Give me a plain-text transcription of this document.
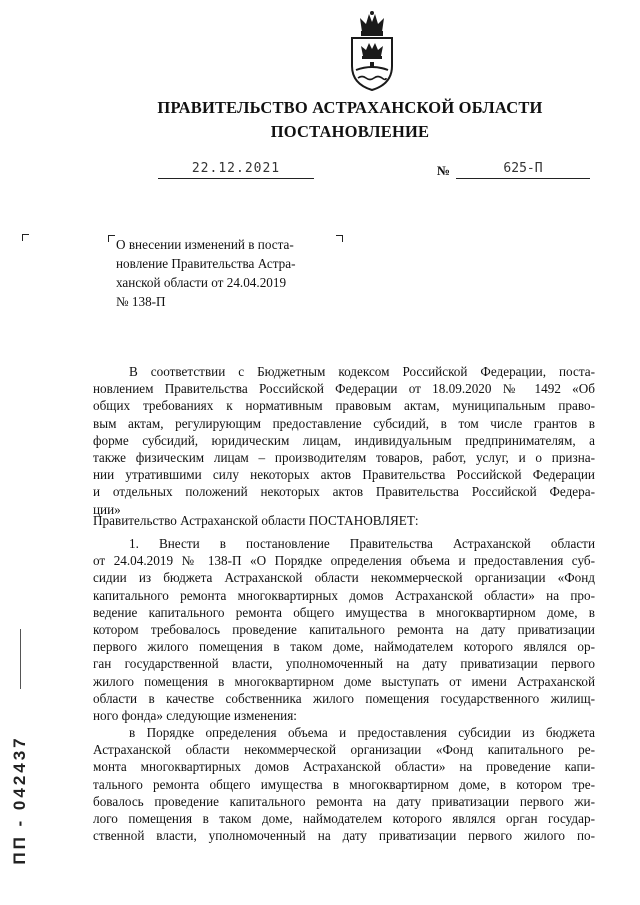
ПРАВИТЕЛЬСТВО АСТРАХАНСКОЙ ОБЛАСТИ
ПОСТАНОВЛЕНИЕ
22.12.2021	№	625-П
О внесении изменений в поста-
новление Правительства Астра-
ханской области от 24.04.2019
№ 138-П
В соответствии с Бюджетным кодексом Российской Федерации, поста-
новлением Правительства Российской Федерации от 18.09.2020 № 1492 «Об
общих требованиях к нормативным правовым актам, муниципальным право-
вым актам, регулирующим предоставление субсидий, в том числе грантов в
форме субсидий, юридическим лицам, индивидуальным предпринимателям, а
также физическим лицам – производителям товаров, работ, услуг, и о призна-
нии утратившими силу некоторых актов Правительства Российской Федерации
и отдельных положений некоторых актов Правительства Российской Федера-
ции»
Правительство Астраханской области ПОСТАНОВЛЯЕТ:
1. Внести в постановление Правительства Астраханской области
от 24.04.2019 № 138-П «О Порядке определения объема и предоставления суб-
сидии из бюджета Астраханской области некоммерческой организации «Фонд
капитального ремонта многоквартирных домов Астраханской области» на про-
ведение капитального ремонта общего имущества в многоквартирном доме, в
котором требовалось проведение капитального ремонта на дату приватизации
первого жилого помещения в таком доме, наймодателем которого являлся ор-
ган государственной власти, уполномоченный на дату приватизации первого
жилого помещения в многоквартирном доме выступать от имени Астраханской
области в качестве собственника жилого помещения государственного жилищ-
ного фонда» следующие изменения:
в Порядке определения объема и предоставления субсидии из бюджета
Астраханской области некоммерческой организации «Фонд капитального ре-
монта многоквартирных домов Астраханской области» на проведение капи-
тального ремонта общего имущества в многоквартирном доме, в котором тре-
бовалось проведение капитального ремонта на дату приватизации первого жи-
лого помещения в таком доме, наймодателем которого являлся орган государ-
ственной власти, уполномоченный на дату приватизации первого жилого по-
ПП - 042437
